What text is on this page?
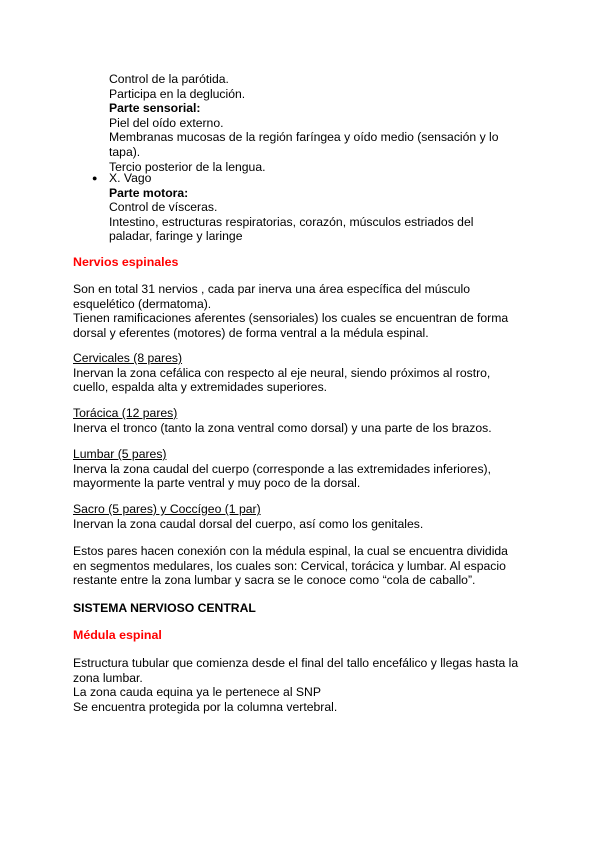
Control de la parótida.
Participa en la deglución.
Parte sensorial:
Piel del oído externo.
Membranas mucosas de la región faríngea y oído medio (sensación y lo tapa).
Tercio posterior de la lengua.
● X. Vago
Parte motora:
Control de vísceras.
Intestino, estructuras respiratorias, corazón, músculos estriados del paladar, faringe y laringe
Nervios espinales
Son en total 31 nervios , cada par inerva una área específica del músculo esquelético (dermatoma).
Tienen ramificaciones aferentes (sensoriales) los cuales se encuentran de forma dorsal y eferentes (motores) de forma ventral a la médula espinal.
Cervicales (8 pares)
Inervan la zona cefálica con respecto al eje neural, siendo próximos al rostro, cuello, espalda alta y extremidades superiores.
Torácica (12 pares)
Inerva el tronco (tanto la zona ventral como dorsal) y una parte de los brazos.
Lumbar (5 pares)
Inerva la zona caudal del cuerpo (corresponde a las extremidades inferiores), mayormente la parte ventral y muy poco de la dorsal.
Sacro (5 pares) y Coccígeo (1 par)
Inervan la zona caudal dorsal del cuerpo, así como los genitales.
Estos pares hacen conexión con la médula espinal, la cual se encuentra dividida en segmentos medulares, los cuales son: Cervical, torácica y lumbar. Al espacio restante entre la zona lumbar y sacra se le conoce como “cola de caballo”.
SISTEMA NERVIOSO CENTRAL
Médula espinal
Estructura tubular que comienza desde el final del tallo encefálico y llegas hasta la zona lumbar.
La zona cauda equina ya le pertenece al SNP
Se encuentra protegida por la columna vertebral.
